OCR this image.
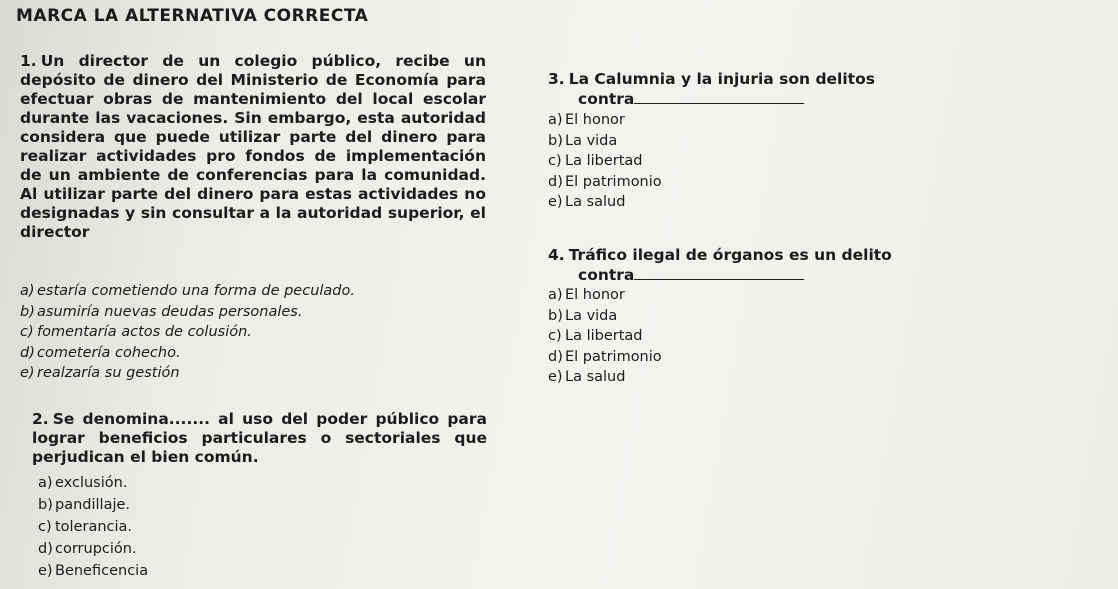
MARCA LA ALTERNATIVA CORRECTA
1. Un director de un colegio público, recibe un depósito de dinero del Ministerio de Economía para efectuar obras de mantenimiento del local escolar durante las vacaciones. Sin embargo, esta autoridad considera que puede utilizar parte del dinero para realizar actividades pro fondos de implementación de un ambiente de conferencias para la comunidad. Al utilizar parte del dinero para estas actividades no designadas y sin consultar a la autoridad superior, el director
a) estaría cometiendo una forma de peculado.
b) asumiría nuevas deudas personales.
c) fomentaría actos de colusión.
d) cometería cohecho.
e) realzaría su gestión
2. Se denomina....... al uso del poder público para lograr beneficios particulares o sectoriales que perjudican el bien común.
a) exclusión.
b) pandillaje.
c) tolerancia.
d) corrupción.
e) Beneficencia
3. La Calumnia y la injuria son delitos
contra
a) El honor
b) La vida
c) La libertad
d) El patrimonio
e) La salud
4. Tráfico ilegal de órganos es un delito
contra
a) El honor
b) La vida
c) La libertad
d) El patrimonio
e) La salud
